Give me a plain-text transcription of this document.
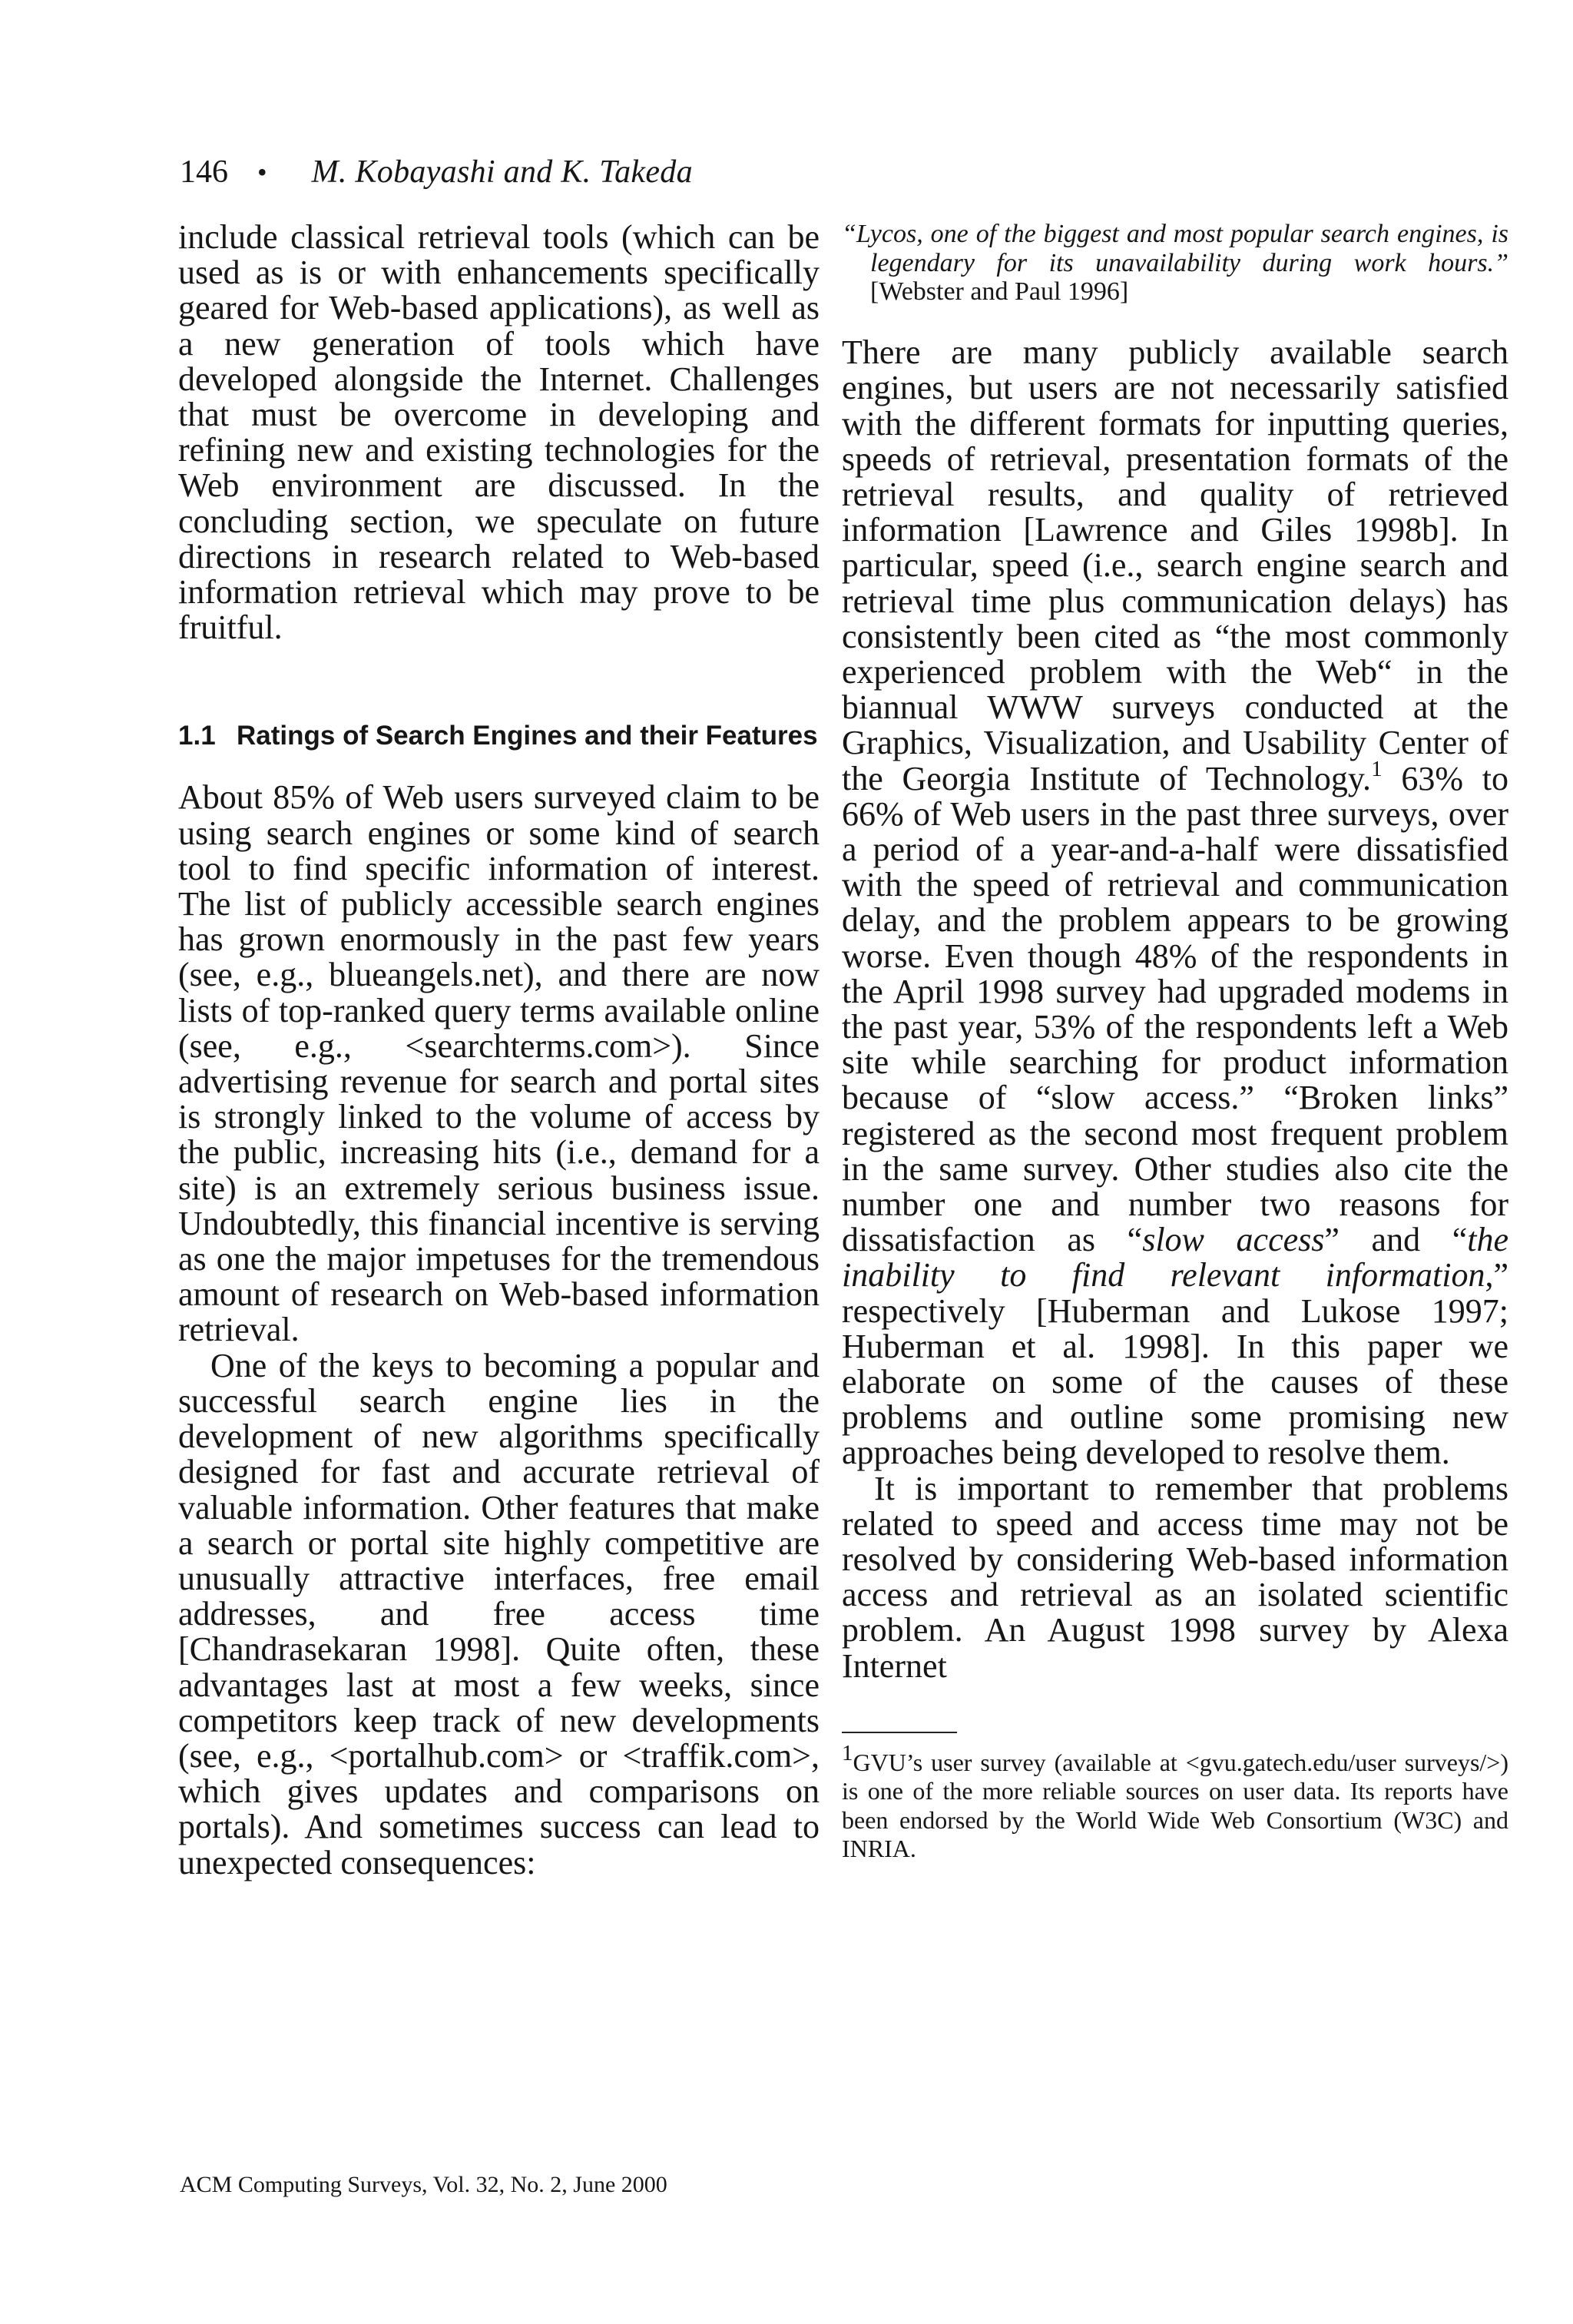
146 • M. Kobayashi and K. Takeda

include classical retrieval tools (which can be used as is or with enhancements specifically geared for Web-based applications), as well as a new generation of tools which have developed alongside the Internet. Challenges that must be overcome in developing and refining new and existing technologies for the Web environment are discussed. In the concluding section, we speculate on future directions in research related to Web-based information retrieval which may prove to be fruitful.

1.1 Ratings of Search Engines and their Features

About 85% of Web users surveyed claim to be using search engines or some kind of search tool to find specific information of interest. The list of publicly accessible search engines has grown enormously in the past few years (see, e.g., blueangels.net), and there are now lists of top-ranked query terms available online (see, e.g., <searchterms.com>). Since advertising revenue for search and portal sites is strongly linked to the volume of access by the public, increasing hits (i.e., demand for a site) is an extremely serious business issue. Undoubtedly, this financial incentive is serving as one the major impetuses for the tremendous amount of research on Web-based information retrieval.

One of the keys to becoming a popular and successful search engine lies in the development of new algorithms specifically designed for fast and accurate retrieval of valuable information. Other features that make a search or portal site highly competitive are unusually attractive interfaces, free email addresses, and free access time [Chandrasekaran 1998]. Quite often, these advantages last at most a few weeks, since competitors keep track of new developments (see, e.g., <portalhub.com> or <traffik.com>, which gives updates and comparisons on portals). And sometimes success can lead to unexpected consequences:

“Lycos, one of the biggest and most popular search engines, is legendary for its unavailability during work hours.” [Webster and Paul 1996]

There are many publicly available search engines, but users are not necessarily satisfied with the different formats for inputting queries, speeds of retrieval, presentation formats of the retrieval results, and quality of retrieved information [Lawrence and Giles 1998b]. In particular, speed (i.e., search engine search and retrieval time plus communication delays) has consistently been cited as “the most commonly experienced problem with the Web“ in the biannual WWW surveys conducted at the Graphics, Visualization, and Usability Center of the Georgia Institute of Technology.$^1$ 63% to 66% of Web users in the past three surveys, over a period of a year-and-a-half were dissatisfied with the speed of retrieval and communication delay, and the problem appears to be growing worse. Even though 48% of the respondents in the April 1998 survey had upgraded modems in the past year, 53% of the respondents left a Web site while searching for product information because of “slow access.” “Broken links” registered as the second most frequent problem in the same survey. Other studies also cite the number one and number two reasons for dissatisfaction as “slow access” and “the inability to find relevant information,” respectively [Huberman and Lukose 1997; Huberman et al. 1998]. In this paper we elaborate on some of the causes of these problems and outline some promising new approaches being developed to resolve them.

It is important to remember that problems related to speed and access time may not be resolved by considering Web-based information access and retrieval as an isolated scientific problem. An August 1998 survey by Alexa Internet

$^1$GVU’s user survey (available at <gvu.gatech.edu/user surveys/>) is one of the more reliable sources on user data. Its reports have been endorsed by the World Wide Web Consortium (W3C) and INRIA.

ACM Computing Surveys, Vol. 32, No. 2, June 2000
